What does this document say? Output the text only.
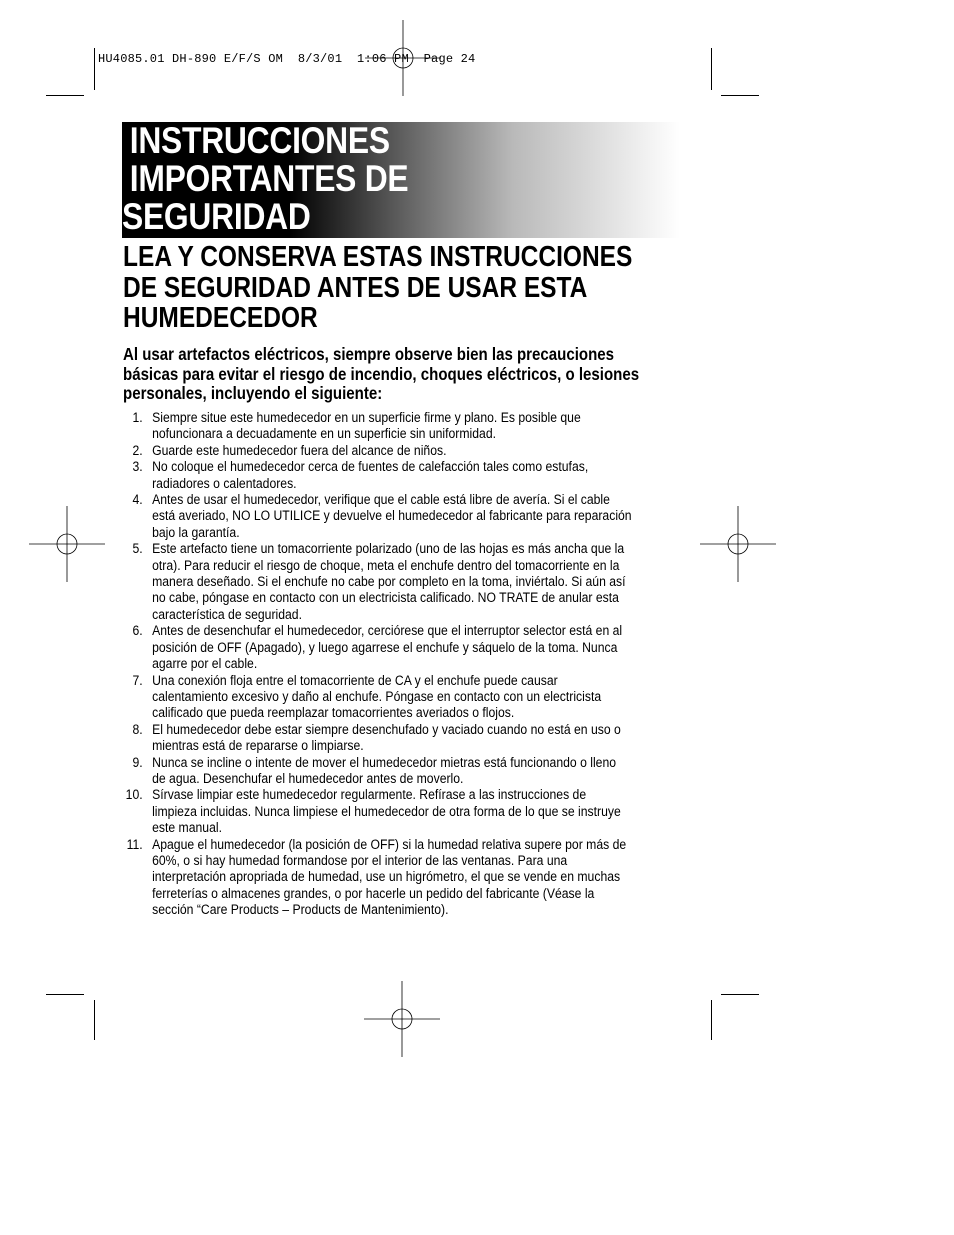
HU4085.01 DH-890 E/F/S OM  8/3/01  1:06 PM  Page 24
INSTRUCCIONES
IMPORTANTES DE
SEGURIDAD
LEA Y CONSERVA ESTAS INSTRUCCIONES
DE SEGURIDAD ANTES DE USAR ESTA
HUMEDECEDOR

Al usar artefactos eléctricos, siempre observe bien las precauciones
básicas para evitar el riesgo de incendio, choques eléctricos, o lesiones
personales, incluyendo el siguiente:

1. Siempre situe este humedecedor en un superficie firme y plano. Es posible que
nofuncionara a decuadamente en un superficie sin uniformidad.
2. Guarde este humedecedor fuera del alcance de niños.
3. No coloque el humedecedor cerca de fuentes de calefacción tales como estufas,
radiadores o calentadores.
4. Antes de usar el humedecedor, verifique que el cable está libre de avería. Si el cable
está averiado, NO LO UTILICE y devuelve el humedecedor al fabricante para reparación
bajo la garantía.
5. Este artefacto tiene un tomacorriente polarizado (uno de las hojas es más ancha que la
otra). Para reducir el riesgo de choque, meta el enchufe dentro del tomacorriente en la
manera deseñado. Si el enchufe no cabe por completo en la toma, inviértalo. Si aún así
no cabe, póngase en contacto con un electricista calificado. NO TRATE de anular esta
característica de seguridad.
6. Antes de desenchufar el humedecedor, cerciórese que el interruptor selector está en al
posición de OFF (Apagado), y luego agarrese el enchufe y sáquelo de la toma. Nunca
agarre por el cable.
7. Una conexión floja entre el tomacorriente de CA y el enchufe puede causar
calentamiento excesivo y daño al enchufe. Póngase en contacto con un electricista
calificado que pueda reemplazar tomacorrientes averiados o flojos.
8. El humedecedor debe estar siempre desenchufado y vaciado cuando no está en uso o
mientras está de repararse o limpiarse.
9. Nunca se incline o intente de mover el humedecedor mietras está funcionando o lleno
de agua. Desenchufar el humedecedor antes de moverlo.
10. Sírvase limpiar este humedecedor regularmente. Refírase a las instrucciones de
limpieza incluidas. Nunca limpiese el humedecedor de otra forma de lo que se instruye
este manual.
11. Apague el humedecedor (la posición de OFF) si la humedad relativa supere por más de
60%, o si hay humedad formandose por el interior de las ventanas. Para una
interpretación apropriada de humedad, use un higrómetro, el que se vende en muchas
ferreterías o almacenes grandes, o por hacerle un pedido del fabricante (Véase la
sección “Care Products – Products de Mantenimiento).
